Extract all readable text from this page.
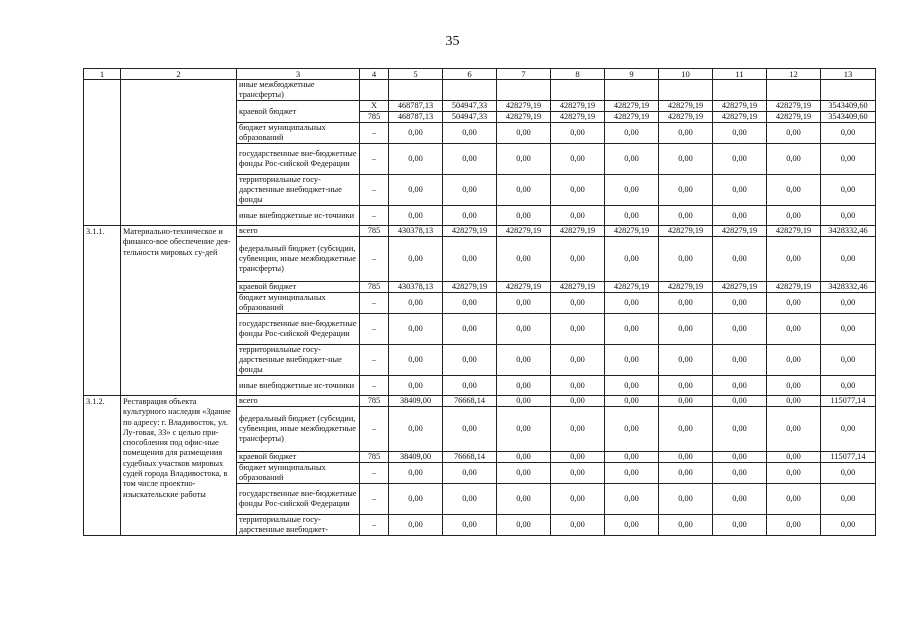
35
1	2	3	4	5	6	7	8	9	10	11	12	13
		иные межбюджетные трансферты)										
		краевой бюджет	X	468787,13	504947,33	428279,19	428279,19	428279,19	428279,19	428279,19	428279,19	3543409,60
			785	468787,13	504947,33	428279,19	428279,19	428279,19	428279,19	428279,19	428279,19	3543409,60
		бюджет муниципальных образований	–	0,00	0,00	0,00	0,00	0,00	0,00	0,00	0,00	0,00
		государственные вне-бюджетные фонды Рос-сийской Федерации	–	0,00	0,00	0,00	0,00	0,00	0,00	0,00	0,00	0,00
		территориальные госу-дарственные внебюджет-ные фонды	–	0,00	0,00	0,00	0,00	0,00	0,00	0,00	0,00	0,00
		иные внебюджетные ис-точники	–	0,00	0,00	0,00	0,00	0,00	0,00	0,00	0,00	0,00
3.1.1.	Материально-техническое и финансо-вое обеспечение дея-тельности мировых су-дей	всего	785	430378,13	428279,19	428279,19	428279,19	428279,19	428279,19	428279,19	428279,19	3428332,46
		федеральный бюджет (субсидии, субвенции, иные межбюджетные трансферты)	–	0,00	0,00	0,00	0,00	0,00	0,00	0,00	0,00	0,00
		краевой бюджет	785	430378,13	428279,19	428279,19	428279,19	428279,19	428279,19	428279,19	428279,19	3428332,46
		бюджет муниципальных образований	–	0,00	0,00	0,00	0,00	0,00	0,00	0,00	0,00	0,00
		государственные вне-бюджетные фонды Рос-сийской Федерации	–	0,00	0,00	0,00	0,00	0,00	0,00	0,00	0,00	0,00
		территориальные госу-дарственные внебюджет-ные фонды	–	0,00	0,00	0,00	0,00	0,00	0,00	0,00	0,00	0,00
		иные внебюджетные ис-точники	–	0,00	0,00	0,00	0,00	0,00	0,00	0,00	0,00	0,00
3.1.2.	Реставрация объекта культурного наследия «Здание по адресу: г. Владивосток, ул. Лу-говая, 33» с целью при-способления под офис-ные помещения для размещения судебных участков мировых судей города Владивостока, в том числе проектно-изыскательские работы	всего	785	38409,00	76668,14	0,00	0,00	0,00	0,00	0,00	0,00	115077,14
		федеральный бюджет (субсидии, субвенции, иные межбюджетные трансферты)	–	0,00	0,00	0,00	0,00	0,00	0,00	0,00	0,00	0,00
		краевой бюджет	785	38409,00	76668,14	0,00	0,00	0,00	0,00	0,00	0,00	115077,14
		бюджет муниципальных образований	–	0,00	0,00	0,00	0,00	0,00	0,00	0,00	0,00	0,00
		государственные вне-бюджетные фонды Рос-сийской Федерации	–	0,00	0,00	0,00	0,00	0,00	0,00	0,00	0,00	0,00
		территориальные госу-дарственные внебюджет-	–	0,00	0,00	0,00	0,00	0,00	0,00	0,00	0,00	0,00
